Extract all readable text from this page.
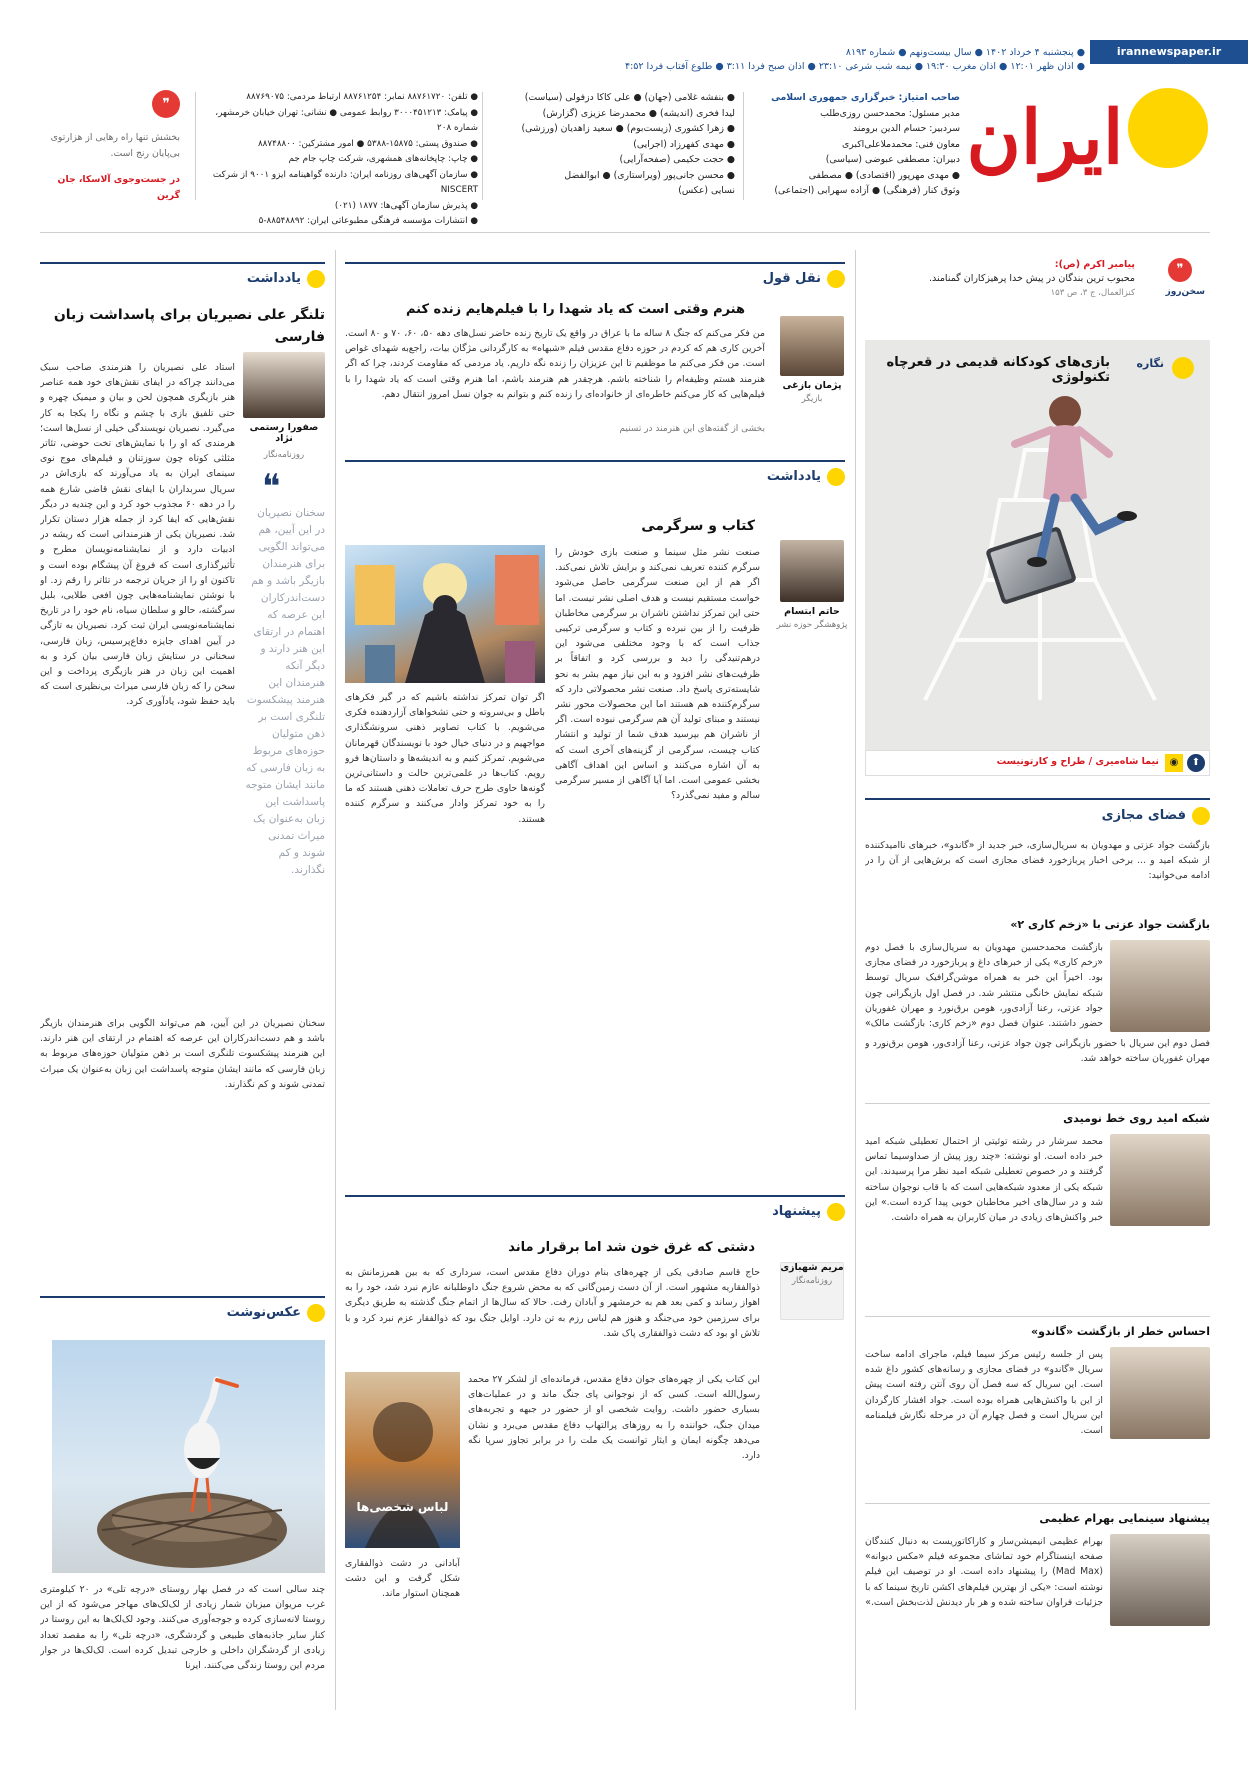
irannewspaper.ir
● پنجشنبه ۴ خرداد ۱۴۰۲ ● سال بیست‌ونهم ● شماره ۸۱۹۳
● اذان ظهر ۱۲:۰۱ ● اذان مغرب ۱۹:۳۰ ● نیمه شب شرعی ۲۳:۱۰ ● اذان صبح فردا ۳:۱۱ ● طلوع آفتاب فردا ۴:۵۲
ایران
صاحب امتیاز: خبرگزاری جمهوری اسلامی
مدیر مسئول: محمدحسن روزی‌طلب
سردبیر: حسام الدین برومند
معاون فنی: محمدملاعلی‌اکبری
دبیران: مصطفی عبوضی (سیاسی)
● مهدی مهرپور (اقتصادی) ● مصطفی
وثوق کنار (فرهنگی) ● آزاده سهرابی (اجتماعی)
● بنفشه غلامی (جهان) ● علی کاکا دزفولی (سیاست)
لیدا فخری (اندیشه) ● محمدرضا عزیزی (گزارش)
● زهرا کشوری (زیست‌بوم) ● سعید زاهدیان (ورزشی)
● مهدی کفهرزاد (اجرایی)
● حجت حکیمی (صفحه‌آرایی)
● محسن جانی‌پور (ویراستاری) ● ابوالفضل
نسایی (عکس)
● تلفن: ۸۸۷۶۱۷۲۰ نمابر: ۸۸۷۶۱۲۵۴ ارتباط مردمی: ۸۸۷۶۹۰۷۵
● پیامک: ۳۰۰۰۴۵۱۲۱۳ روابط عمومی ● نشانی: تهران خیابان خرمشهر، شماره ۲۰۸
● صندوق پستی: ۱۵۸۷۵-۵۳۸۸ ● امور مشترکین: ۸۸۷۴۸۸۰۰
● چاپ: چاپخانه‌های همشهری، شرکت چاپ جام جم
● سازمان آگهی‌های روزنامه ایران: دارنده گواهینامه ایزو ۹۰۰۱ از شرکت NISCERT
● پذیرش سازمان آگهی‌ها: ۱۸۷۷ (۰۲۱)
● انتشارات مؤسسه فرهنگی مطبوعاتی ایران: ۸۸۵۴۸۸۹۲-۵
❞
بخشش تنها راه رهایی از هزارتوی بی‌پایان رنج است.
در جست‌وجوی آلاسکا، جان گرین
❞
سخن‌روز
پیامبر اکرم (ص):
محبوب ترین بندگان در پیش خدا پرهیزکاران گمنامند.
کنزالعمال، ج ۳، ص ۱۵۳
نگاره
بازی‌های کودکانه قدیمی در قعرچاه تکنولوژی
⬆
◉
نیما شاه‌میری / طراح و کارتونیست
فضای مجازی
بازگشت جواد عزتی و مهدویان به سریال‌سازی، خبر جدید از «گاندو»، خبرهای ناامیدکننده از شبکه امید و ... برخی اخبار پربازخورد فضای مجازی است که برش‌هایی از آن را در ادامه می‌خوانید:
بازگشت جواد عزتی با «زخم کاری ۲»
بازگشت محمدحسین مهدویان به سریال‌سازی با فصل دوم «زخم کاری» یکی از خبرهای داغ و پربازخورد در فضای مجازی بود. اخیراً این خبر به همراه موشن‌گرافیک سریال توسط شبکه نمایش خانگی منتشر شد. در فصل اول بازیگرانی چون جواد عزتی، رعنا آزادی‌ور، هومن برق‌نورد و مهران غفوریان حضور داشتند. عنوان فصل دوم «زخم کاری: بازگشت مالک»
فصل دوم این سریال با حضور بازیگرانی چون جواد عزتی، رعنا آزادی‌ور، هومن برق‌نورد و مهران غفوریان ساخته خواهد شد.
شبکه امید روی خط نومیدی
محمد سرشار در رشته توئیتی از احتمال تعطیلی شبکه امید خبر داده است. او نوشته: «چند روز پیش از صداوسیما تماس گرفتند و در خصوص تعطیلی شبکه امید نظر مرا پرسیدند. این شبکه یکی از معدود شبکه‌هایی است که با قاب نوجوان ساخته شد و در سال‌های اخیر مخاطبان خوبی پیدا کرده است.» این خبر واکنش‌های زیادی در میان کاربران به همراه داشت.
احساس خطر از بازگشت «گاندو»
پس از جلسه رئیس مرکز سیما فیلم، ماجرای ادامه ساخت سریال «گاندو» در فضای مجازی و رسانه‌های کشور داغ شده است. این سریال که سه فصل آن روی آنتن رفته است پیش از این با واکنش‌هایی همراه بوده است. جواد افشار کارگردان این سریال است و فصل چهارم آن در مرحله نگارش فیلمنامه است.
پیشنهاد سینمایی بهرام عظیمی
بهرام عظیمی انیمیشن‌ساز و کاراکاتوریست به دنبال کنندگان صفحه اینستاگرام خود تماشای مجموعه فیلم «مکس دیوانه» (Mad Max) را پیشنهاد داده است. او در توصیف این فیلم نوشته است: «یکی از بهترین فیلم‌های اکشن تاریخ سینما که با جزئیات فراوان ساخته شده و هر بار دیدنش لذت‌بخش است.»
نقل قول
هنرم وقتی است که یاد شهدا را با فیلم‌هایم زنده کنم
پژمان بازغی
بازیگر
من فکر می‌کنم که جنگ ۸ ساله ما با عراق در واقع یک تاریخ زنده حاضر نسل‌های دهه ۵۰، ۶۰، ۷۰ و ۸۰ است. آخرین کاری هم که کردم در حوزه دفاع مقدس فیلم «شبهاه» به کارگردانی مژگان بیات، راجع‌به شهدای غواص است. من فکر می‌کنم ما موظفیم تا این عزیزان را زنده نگه داریم. یاد مردمی که مقاومت کردند، چرا که اگر هنرمند هستم وظیفه‌ام را شناخته باشم. هرچقدر هم هنرمند باشم، اما هنرم وقتی است که یاد شهدا را با فیلم‌هایی که کار می‌کنم خاطره‌ای از خانواده‌ای را زنده کنم و بتوانم به جوان نسل امروز انتقال دهم.
بخشی از گفته‌های این هنرمند در تسنیم
یادداشت
کتاب و سرگرمی
حاتم ابتسام
پژوهشگر حوزه نشر
صنعت نشر مثل سینما و صنعت بازی خودش را سرگرم کننده تعریف نمی‌کند و برایش تلاش نمی‌کند. اگر هم از این صنعت سرگرمی حاصل می‌شود خواست مستقیم نیست و هدف اصلی نشر نیست. اما حتی این تمرکز نداشتن ناشران بر سرگرمی مخاطبان ظرفیت را از بین نبرده و کتاب و سرگرمی ترکیبی جذاب است که با وجود مختلفی می‌شود این درهم‌تنیدگی را دید و بررسی کرد و اتفاقاً بر ظرفیت‌های نشر افزود و به این نیاز مهم بشر به نحو شایسته‌تری پاسخ داد. صنعت نشر محصولاتی دارد که سرگرم‌کننده هم هستند اما این محصولات محور نشر نیستند و مبنای تولید آن هم سرگرمی نبوده است. اگر از ناشران هم بپرسید هدف شما از تولید و انتشار کتاب چیست، سرگرمی از گزینه‌های آخری است که به آن اشاره می‌کنند و اساس این اهداف آگاهی بخشی عمومی است. اما آیا آگاهی از مسیر سرگرمی سالم و مفید نمی‌گذرد؟
اگر توان تمرکز نداشته باشیم که در گیر فکرهای باطل و بی‌سروته و حتی تشخواهای آزاردهنده فکری می‌شویم. با کتاب تصاویر ذهنی سرونشگذاری مواجهیم و در دنیای خیال خود با نویسندگان قهرمانان می‌شویم. تمرکز کنیم و به اندیشه‌ها و داستان‌ها فرو رویم. کتاب‌ها در علمی‌ترین حالت و داستانی‌ترین گونه‌ها حاوی طرح حرف تعاملات ذهنی هستند که ما را به خود تمرکز وادار می‌کنند و سرگرم کننده هستند.
پیشنهاد
دشتی که غرق خون شد اما برقرار ماند
مریم شهبازی
روزنامه‌نگار
حاج قاسم صادقی یکی از چهره‌های بنام دوران دفاع مقدس است، سرداری که به بین همرزمانش به ذوالفقاریه مشهور است. از آن دست زمین‌گانی که به محض شروع جنگ داوطلبانه عازم نبرد شد، خود را به اهواز رساند و کمی بعد هم به خرمشهر و آبادان رفت. حالا که سال‌ها از اتمام جنگ گذشته به طریق دیگری برای سرزمین خود می‌جنگد و هنوز هم لباس رزم به تن دارد. اوایل جنگ بود که ذوالفقار عزم نبرد کرد و با تلاش او بود که دشت ذوالفقاری پاک شد.
لباس شخصی‌ها
این کتاب یکی از چهره‌های جوان دفاع مقدس، فرمانده‌ای از لشکر ۲۷ محمد رسول‌الله است. کسی که از نوجوانی پای جنگ ماند و در عملیات‌های بسیاری حضور داشت. روایت شخصی او از حضور در جبهه و تجربه‌های میدان جنگ، خواننده را به روزهای پرالتهاب دفاع مقدس می‌برد و نشان می‌دهد چگونه ایمان و ایثار توانست یک ملت را در برابر تجاوز سرپا نگه دارد.
آبادانی در دشت ذوالفقاری شکل گرفت و این دشت همچنان استوار ماند.
یادداشت
تلنگر علی نصیریان برای پاسداشت زبان فارسی
صفورا رستمی نژاد
روزنامه‌نگار
❝
سخنان نصیریان در این آیین، هم می‌تواند الگویی برای هنرمندان بازیگر باشد و هم دست‌اندرکاران این عرصه که اهتمام در ارتقای این هنر دارند و دیگر آنکه هنرمندان این هنرمند پیشکسوت تلنگری است بر ذهن متولیان حوزه‌های مربوط به زبان فارسی که مانند ایشان متوجه پاسداشت این زبان به‌عنوان یک میراث تمدنی شوند و کم نگذارند.
استاد علی نصیریان را هنرمندی صاحب سبک می‌دانند چراکه در ایفای نقش‌های خود همه عناصر هنر بازیگری همچون لحن و بیان و میمیک چهره و حتی تلفیق بازی با چشم و نگاه را یکجا به کار می‌گیرد. نصیریان نویسندگی خیلی از نسل‌ها است؛ هرمندی که او را با نمایش‌های تخت حوضی، تئاتر مثلثی کوتاه چون سوزتنان و فیلم‌های موج نوی سینمای ایران به یاد می‌آورند که بازی‌اش در سریال سربداران با ایفای نقش قاضی شارع همه را در دهه ۶۰ مجذوب خود کرد و این چندیه در دیگر نقش‌هایی که ایفا کرد از جمله هزار دستان تکرار شد. نصیریان یکی از هنرمندانی است که ریشه در ادبیات دارد و از نمایشنامه‌نویسان مطرح و تأثیرگذاری است که فروغ آن پیشگام بوده است و تاکنون او را از جریان ترجمه در تئاتر را رقم زد. او با نوشتن نمایشنامه‌هایی چون افعی طلایی، بلبل سرگشته، حالو و سلطان سیاه، نام خود را در تاریخ نمایشنامه‌نویسی ایران ثبت کرد. نصیریان به تازگی در آیین اهدای جایزه دفاع‌پرسیس، زبان فارسی، سخنانی در ستایش زبان فارسی بیان کرد و به اهمیت این زبان در هنر بازیگری پرداخت و این سخن را که زبان فارسی میراث بی‌نظیری است که باید حفظ شود، یادآوری کرد.
سخنان نصیریان در این آیین، هم می‌تواند الگویی برای هنرمندان بازیگر باشد و هم دست‌اندرکاران این عرصه که اهتمام در ارتقای این هنر دارند. این هنرمند پیشکسوت تلنگری است بر ذهن متولیان حوزه‌های مربوط به زبان فارسی که مانند ایشان متوجه پاسداشت این زبان به‌عنوان یک میراث تمدنی شوند و کم نگذارند.
عکس‌نوشت
چند سالی است که در فصل بهار روستای «درچه تلی» در ۲۰ کیلومتری غرب مریوان میزبان شمار زیادی از لک‌لک‌های مهاجر می‌شود که از این روستا لانه‌سازی کرده و جوجه‌آوری می‌کنند. وجود لک‌لک‌ها به این روستا در کنار سایر جاذبه‌های طبیعی و گردشگری، «درچه تلی» را به مقصد تعداد زیادی از گردشگران داخلی و خارجی تبدیل کرده است. لک‌لک‌ها در جوار مردم این روستا زندگی می‌کنند. ایرنا
